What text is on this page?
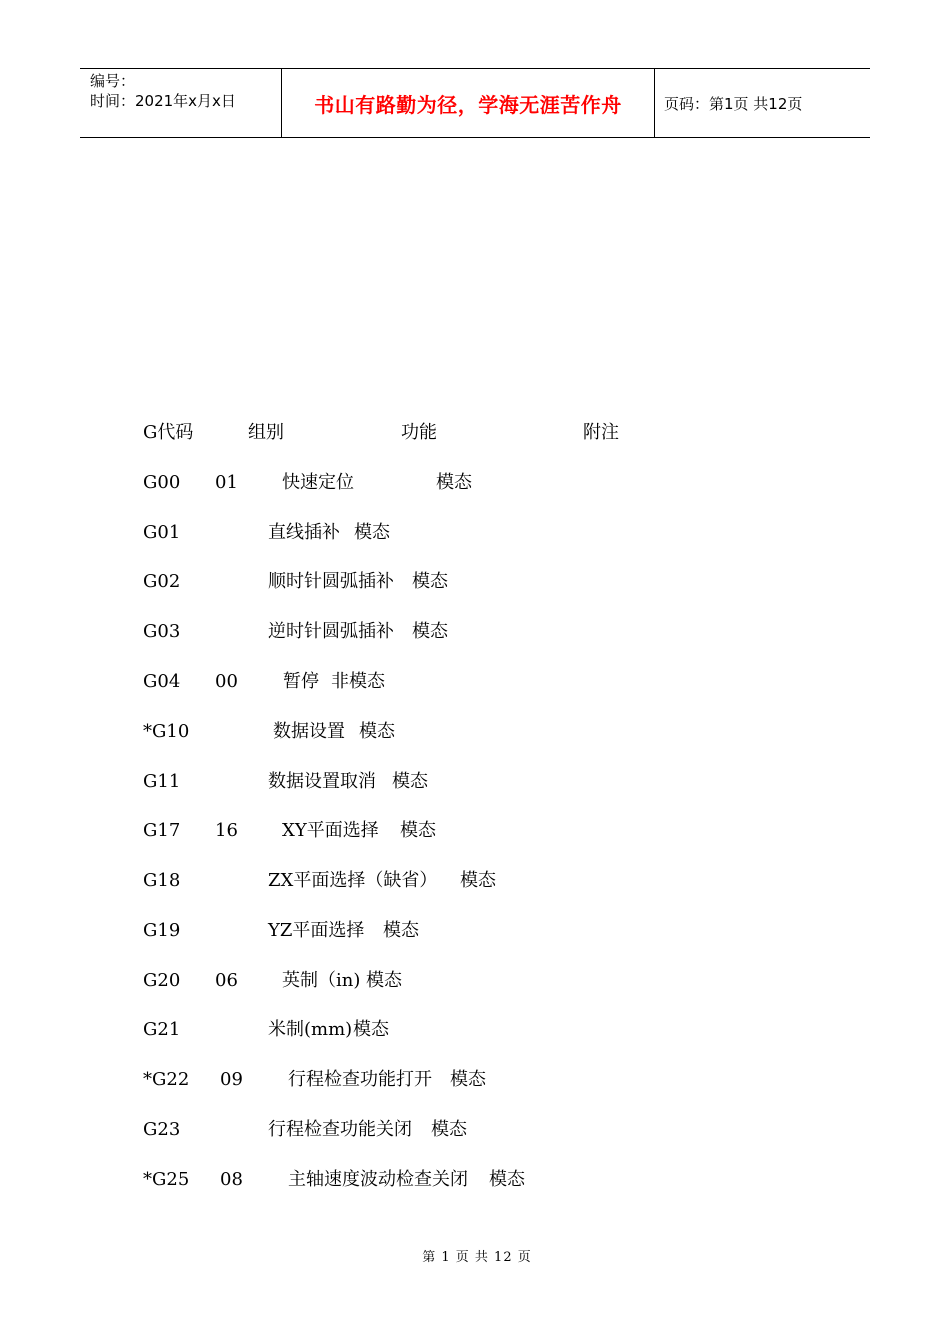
编号：
时间：2021年x月x日	书山有路勤为径，学海无涯苦作舟	页码：第1页 共12页
G代码	组别	功能	附注
G00 01 快速定位	模态
G01	直线插补 模态
G02	顺时针圆弧插补 模态
G03	逆时针圆弧插补 模态
G04 00	暂停 非模态
*G10	数据设置 模态
G11	数据设置取消 模态
G17 16 XY平面选择 模态
G18	ZX平面选择（缺省） 模态
G19	YZ平面选择 模态
G20 06 英制（in) 模态
G21	米制(mm) 模态
*G22 09	行程检查功能打开 模态
G23	行程检查功能关闭 模态
*G25 08	主轴速度波动检查关闭 模态
第 1 页 共 12 页
